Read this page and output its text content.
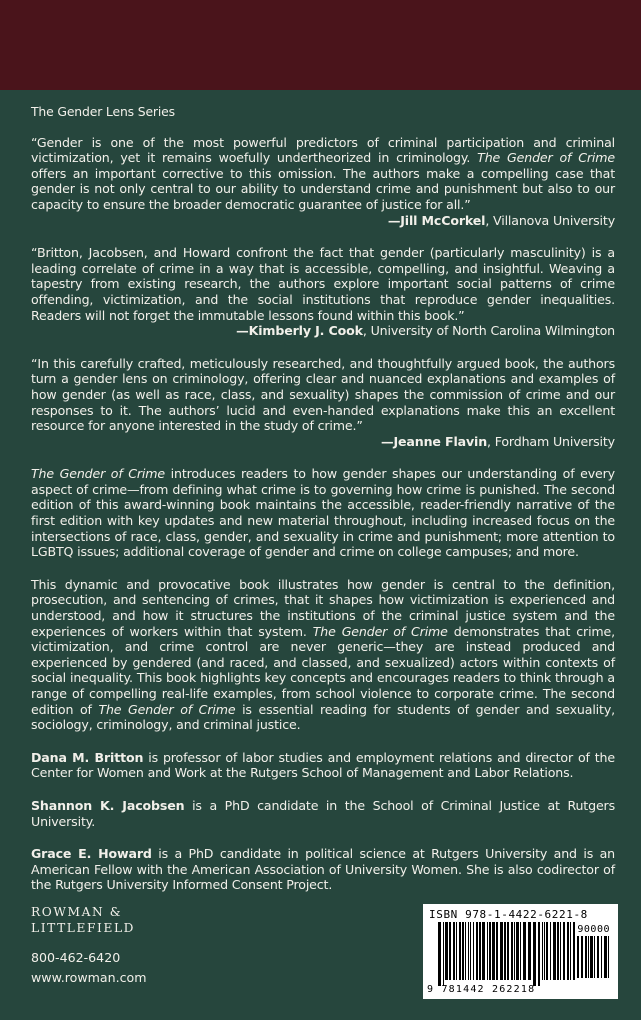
The Gender Lens Series
“Gender is one of the most powerful predictors of criminal participation and criminal victimization, yet it remains woefully undertheorized in criminology. The Gender of Crime offers an important corrective to this omission. The authors make a compelling case that gender is not only central to our ability to understand crime and punishment but also to our capacity to ensure the broader democratic guarantee of justice for all.”
—Jill McCorkel, Villanova University
“Britton, Jacobsen, and Howard confront the fact that gender (particularly masculinity) is a leading correlate of crime in a way that is accessible, compelling, and insightful. Weaving a tapestry from existing research, the authors explore important social patterns of crime offending, victimization, and the social institutions that reproduce gender inequalities. Readers will not forget the immutable lessons found within this book.”
—Kimberly J. Cook, University of North Carolina Wilmington
“In this carefully crafted, meticulously researched, and thoughtfully argued book, the authors turn a gender lens on criminology, offering clear and nuanced explanations and examples of how gender (as well as race, class, and sexuality) shapes the commission of crime and our responses to it. The authors’ lucid and even-handed explanations make this an excellent resource for anyone interested in the study of crime.”
—Jeanne Flavin, Fordham University

The Gender of Crime introduces readers to how gender shapes our understanding of every aspect of crime—from defining what crime is to governing how crime is punished. The second edition of this award-winning book maintains the accessible, reader-friendly narrative of the first edition with key updates and new material throughout, including increased focus on the intersections of race, class, gender, and sexuality in crime and punishment; more attention to LGBTQ issues; additional coverage of gender and crime on college campuses; and more.

This dynamic and provocative book illustrates how gender is central to the definition, prosecution, and sentencing of crimes, that it shapes how victimization is experienced and understood, and how it structures the institutions of the criminal justice system and the experiences of workers within that system. The Gender of Crime demonstrates that crime, victimization, and crime control are never generic—they are instead produced and experienced by gendered (and raced, and classed, and sexualized) actors within contexts of social inequality. This book highlights key concepts and encourages readers to think through a range of compelling real-life examples, from school violence to corporate crime. The second edition of The Gender of Crime is essential reading for students of gender and sexuality, sociology, criminology, and criminal justice.

Dana M. Britton is professor of labor studies and employment relations and director of the Center for Women and Work at the Rutgers School of Management and Labor Relations.

Shannon K. Jacobsen is a PhD candidate in the School of Criminal Justice at Rutgers University.

Grace E. Howard is a PhD candidate in political science at Rutgers University and is an American Fellow with the American Association of University Women. She is also codirector of the Rutgers University Informed Consent Project.

ROWMAN &
LITTLEFIELD
800-462-6420
www.rowman.com
ISBN 978-1-4422-6221-8
90000
9 781442 262218
